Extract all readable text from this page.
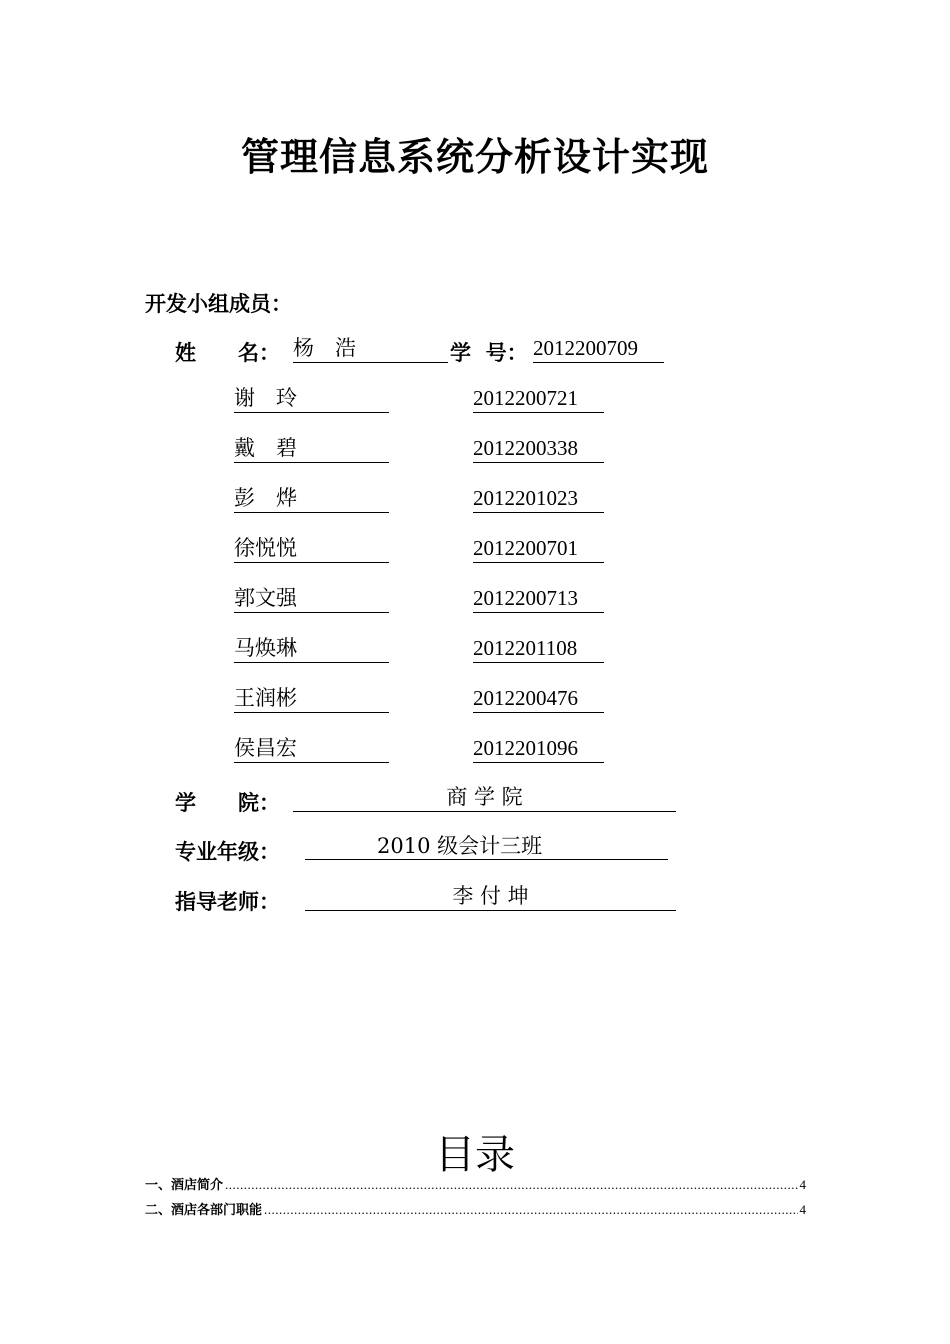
管理信息系统分析设计实现
开发小组成员：
姓　　名： 杨　浩	学  号： 2012200709
谢　玲	2012200721
戴　碧	2012200338
彭　烨	2012201023
徐悦悦	2012200701
郭文强	2012200713
马焕琳	2012201108
王润彬	2012200476
侯昌宏	2012201096
学　　院：	商 学 院
专业年级：	2010 级会计三班
指导老师：	李 付 坤
目录
一、酒店简介 .....	4
二、酒店各部门职能 .....	4
